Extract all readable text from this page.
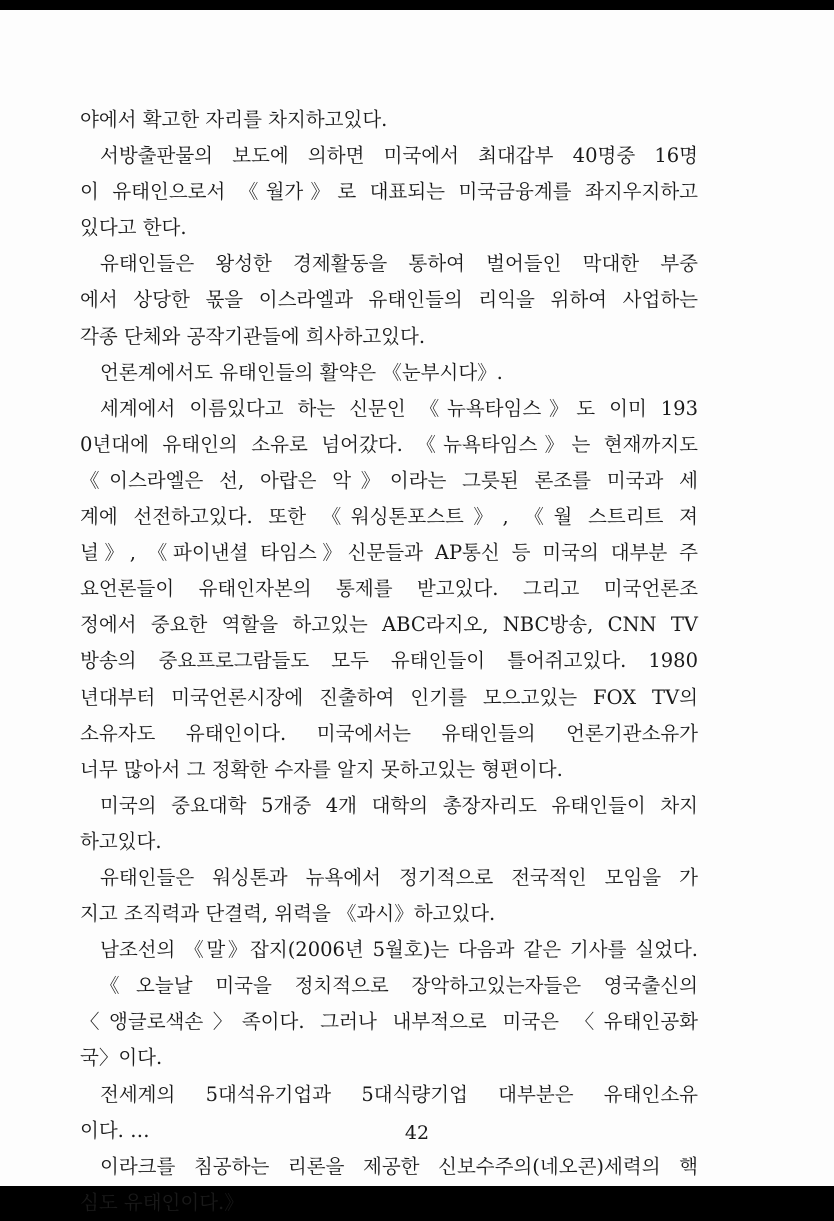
야에서 확고한 자리를 차지하고있다.
서방출판물의 보도에 의하면 미국에서 최대갑부 40명중 16명
이 유태인으로서 《월가》로 대표되는 미국금융계를 좌지우지하고
있다고 한다.
유태인들은 왕성한 경제활동을 통하여 벌어들인 막대한 부중
에서 상당한 몫을 이스라엘과 유태인들의 리익을 위하여 사업하는
각종 단체와 공작기관들에 희사하고있다.
언론계에서도 유태인들의 활약은 《눈부시다》.
세계에서 이름있다고 하는 신문인 《뉴욕타임스》도 이미 193
0년대에 유태인의 소유로 넘어갔다. 《뉴욕타임스》는 현재까지도
《이스라엘은 선, 아랍은 악》이라는 그릇된 론조를 미국과 세
계에 선전하고있다. 또한 《워싱톤포스트》, 《월 스트리트 져
널》, 《파이낸셜 타임스》신문들과 AP통신 등 미국의 대부분 주
요언론들이 유태인자본의 통제를 받고있다. 그리고 미국언론조
정에서 중요한 역할을 하고있는 ABC라지오, NBC방송, CNN TV
방송의 중요프로그람들도 모두 유태인들이 틀어쥐고있다. 1980
년대부터 미국언론시장에 진출하여 인기를 모으고있는 FOX TV의
소유자도 유태인이다. 미국에서는 유태인들의 언론기관소유가
너무 많아서 그 정확한 수자를 알지 못하고있는 형편이다.
미국의 중요대학 5개중 4개 대학의 총장자리도 유태인들이 차지
하고있다.
유태인들은 워싱톤과 뉴욕에서 정기적으로 전국적인 모임을 가
지고 조직력과 단결력, 위력을 《과시》하고있다.
남조선의 《말》잡지(2006년 5월호)는 다음과 같은 기사를 실었다.
《오늘날 미국을 정치적으로 장악하고있는자들은 영국출신의
〈앵글로색손〉족이다. 그러나 내부적으로 미국은 〈유태인공화
국〉이다.
전세계의 5대석유기업과 5대식량기업 대부분은 유태인소유
이다. …
이라크를 침공하는 리론을 제공한 신보수주의(네오콘)세력의 핵
심도 유태인이다.》
42
